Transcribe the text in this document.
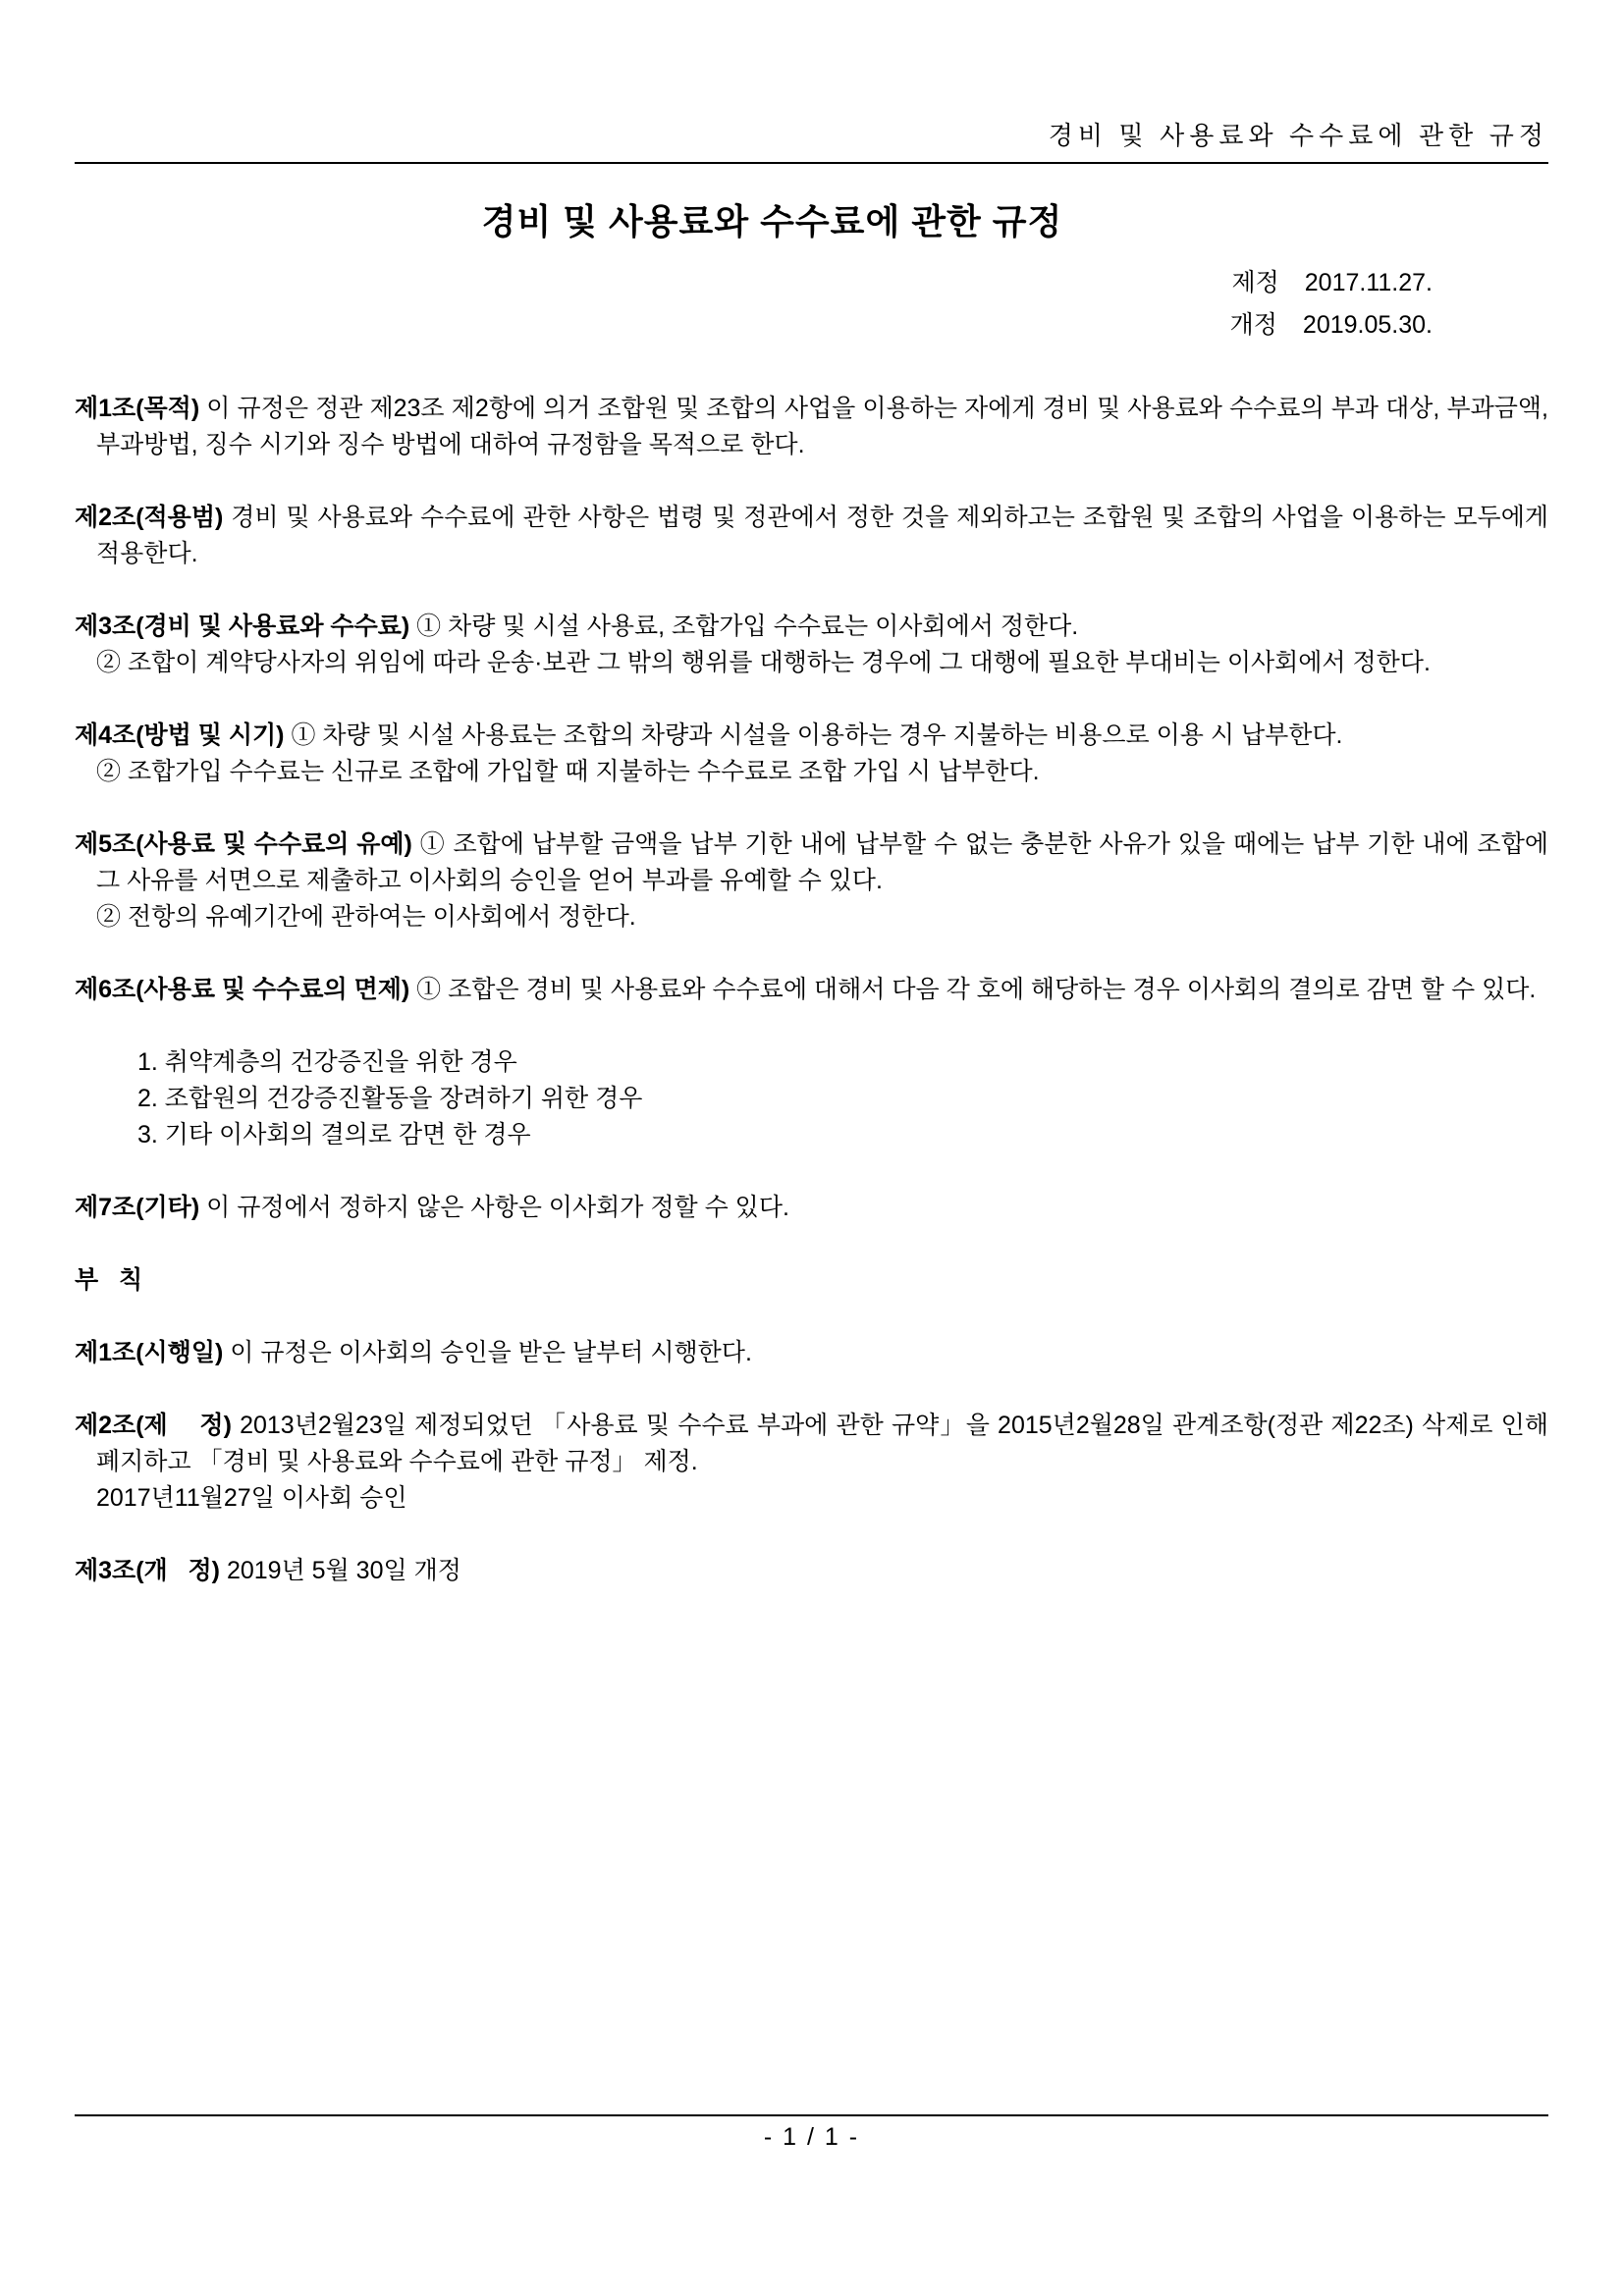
경비 및 사용료와 수수료에 관한 규정
경비 및 사용료와 수수료에 관한 규정
제정 2017.11.27.
개정 2019.05.30.

제1조(목적) 이 규정은 정관 제23조 제2항에 의거 조합원 및 조합의 사업을 이용하는 자에게 경비 및 사용료와 수수료의 부과 대상, 부과금액, 부과방법, 징수 시기와 징수 방법에 대하여 규정함을 목적으로 한다.

제2조(적용범) 경비 및 사용료와 수수료에 관한 사항은 법령 및 정관에서 정한 것을 제외하고는 조합원 및 조합의 사업을 이용하는 모두에게 적용한다.

제3조(경비 및 사용료와 수수료) ① 차량 및 시설 사용료, 조합가입 수수료는 이사회에서 정한다.

② 조합이 계약당사자의 위임에 따라 운송·보관 그 밖의 행위를 대행하는 경우에 그 대행에 필요한 부대비는 이사회에서 정한다.

제4조(방법 및 시기) ① 차량 및 시설 사용료는 조합의 차량과 시설을 이용하는 경우 지불하는 비용으로 이용 시 납부한다.

② 조합가입 수수료는 신규로 조합에 가입할 때 지불하는 수수료로 조합 가입 시 납부한다.

제5조(사용료 및 수수료의 유예) ① 조합에 납부할 금액을 납부 기한 내에 납부할 수 없는 충분한 사유가 있을 때에는 납부 기한 내에 조합에 그 사유를 서면으로 제출하고 이사회의 승인을 얻어 부과를 유예할 수 있다.

② 전항의 유예기간에 관하여는 이사회에서 정한다.

제6조(사용료 및 수수료의 면제) ① 조합은 경비 및 사용료와 수수료에 대해서 다음 각 호에 해당하는 경우 이사회의 결의로 감면 할 수 있다.

1. 취약계층의 건강증진을 위한 경우

2. 조합원의 건강증진활동을 장려하기 위한 경우

3. 기타 이사회의 결의로 감면 한 경우

제7조(기타) 이 규정에서 정하지 않은 사항은 이사회가 정할 수 있다.

부   칙

제1조(시행일) 이 규정은 이사회의 승인을 받은 날부터 시행한다.

제2조(제    정) 2013년2월23일 제정되었던 「사용료 및 수수료 부과에 관한 규약」을 2015년2월28일 관계조항(정관 제22조) 삭제로 인해 폐지하고 「경비 및 사용료와 수수료에 관한 규정」 제정.

2017년11월27일 이사회 승인

제3조(개   정) 2019년 5월 30일 개정

- 1 / 1 -
